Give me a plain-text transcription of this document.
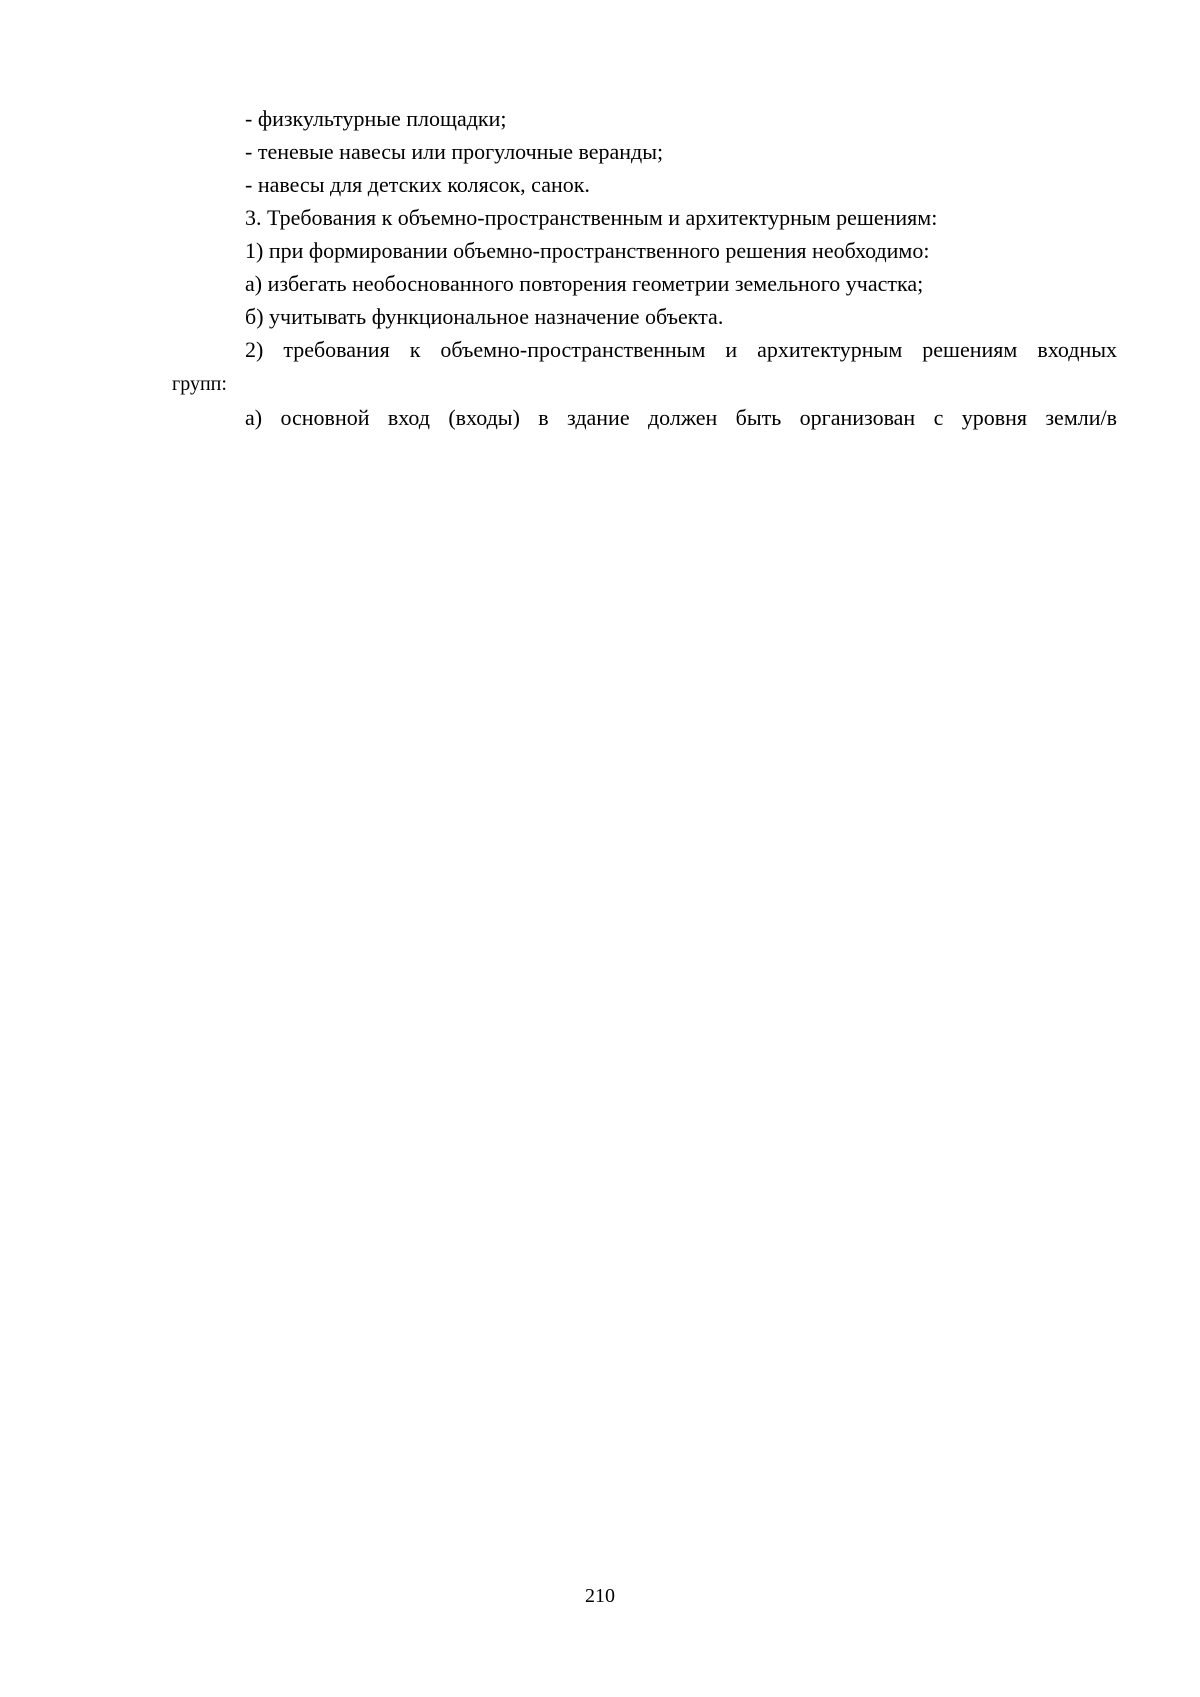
- физкультурные площадки;
- теневые навесы или прогулочные веранды;
- навесы для детских колясок, санок.
3. Требования к объемно-пространственным и архитектурным решениям:
1) при формировании объемно-пространственного решения необходимо:
а) избегать необоснованного повторения геометрии земельного участка;
б) учитывать функциональное назначение объекта.
2) требования к объемно-пространственным и архитектурным решениям входных
групп:
а) основной вход (входы) в здание должен быть организован с уровня земли/в
210
